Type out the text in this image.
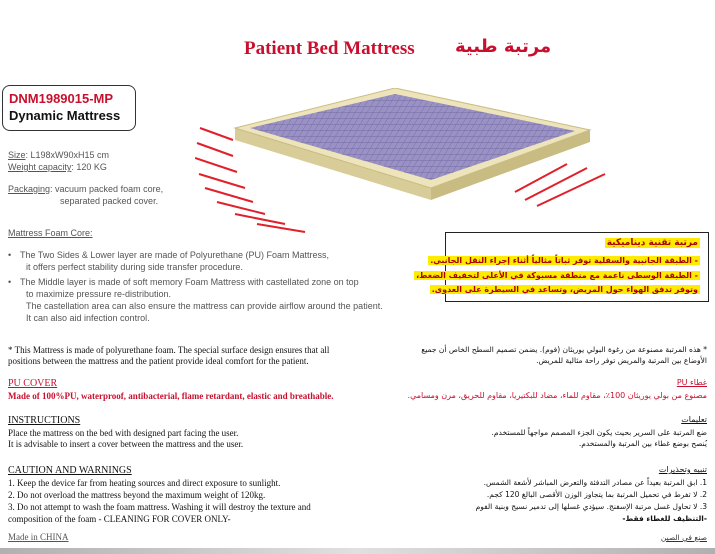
Patient Bed Mattress مرتبة طبية
DNM1989015-MP
Dynamic Mattress
Size: L198xW90xH15 cm
Weight capacity: 120 KG
Packaging: vacuum packed foam core,
separated packed cover.
Mattress Foam Core:
• The Two Sides & Lower layer are made of Polyurethane (PU) Foam Mattress,
it offers perfect stability during side transfer procedure.
• The Middle layer is made of soft memory Foam Mattress with castellated zone on top
to maximize pressure re-distribution.
The castellation area can also ensure the mattress can provide airflow around the patient.
It can also aid infection control.
مرتبة تقنية ديناميكية
- الطبقة الجانبية والسفلية توفر ثباتاً مثالياً أثناء إجراء النقل الجانبي.
- الطبقة الوسطى ناعمة مع منطقة مسبوكة في الأعلى لتخفيف الضغط،
وتوفر تدفق الهواء حول المريض، وتساعد في السيطرة على العدوى.
* This Mattress is made of polyurethane foam. The special surface design ensures that all
positions between the mattress and the patient provide ideal comfort for the patient.
* هذه المرتبة مصنوعة من رغوة البولي يوريثان (فوم). يضمن تصميم السطح الخاص أن جميع
الأوضاع بين المرتبة والمريض توفر راحة مثالية للمريض.
PU COVER
Made of 100%PU, waterproof, antibacterial, flame retardant, elastic and breathable.
غطاء PU
مصنوع من بولي يوريثان 100٪، مقاوم للماء، مضاد للبكتيريا، مقاوم للحريق، مرن ومسامي.
INSTRUCTIONS
Place the mattress on the bed with designed part facing the user.
It is advisable to insert a cover between the mattress and the user.
تعليمات
ضع المرتبة على السرير بحيث يكون الجزء المصمم مواجهاً للمستخدم.
يُنصح بوضع غطاء بين المرتبة والمستخدم.
CAUTION AND WARNINGS
1. Keep the device far from heating sources and direct exposure to sunlight.
2. Do not overload the mattress beyond the maximum weight of 120kg.
3. Do not attempt to wash the foam mattress. Washing it will destroy the texture and
composition of the foam - CLEANING FOR COVER ONLY-
تنبيه وتحذيرات
1. ابق المرتبة بعيداً عن مصادر التدفئة والتعرض المباشر لأشعة الشمس.
2. لا تفرط في تحميل المرتبة بما يتجاوز الوزن الأقصى البالغ 120 كجم.
3. لا تحاول غسل مرتبة الإسفنج. سيؤدي غسلها إلى تدمير نسيج وبنية الفوم
-التنظيف للغطاء فقط-
Made in CHINA	صنع في الصين
